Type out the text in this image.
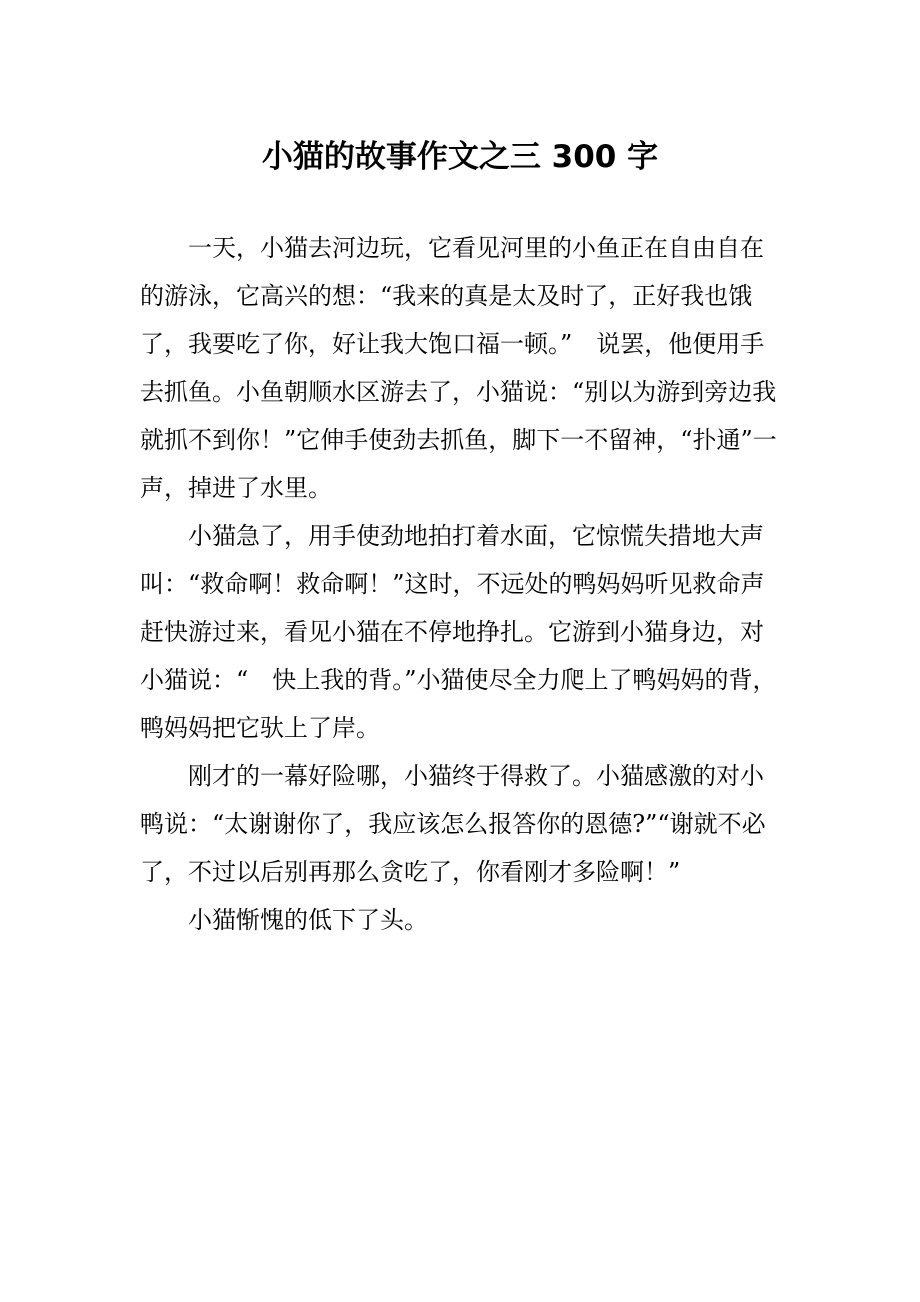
小猫的故事作文之三 300 字

一天，小猫去河边玩，它看见河里的小鱼正在自由自在的游泳，它高兴的想：“我来的真是太及时了，正好我也饿了，我要吃了你，好让我大饱口福一顿。”　说罢，他便用手去抓鱼。小鱼朝顺水区游去了，小猫说：“别以为游到旁边我就抓不到你！”它伸手使劲去抓鱼，脚下一不留神，“扑通”一声，掉进了水里。

小猫急了，用手使劲地拍打着水面，它惊慌失措地大声叫：“救命啊！救命啊！”这时，不远处的鸭妈妈听见救命声赶快游过来，看见小猫在不停地挣扎。它游到小猫身边，对小猫说：“　快上我的背。”小猫使尽全力爬上了鸭妈妈的背，鸭妈妈把它驮上了岸。

刚才的一幕好险哪，小猫终于得救了。小猫感激的对小鸭说：“太谢谢你了，我应该怎么报答你的恩德?”“谢就不必了，不过以后别再那么贪吃了，你看刚才多险啊！”

小猫惭愧的低下了头。
